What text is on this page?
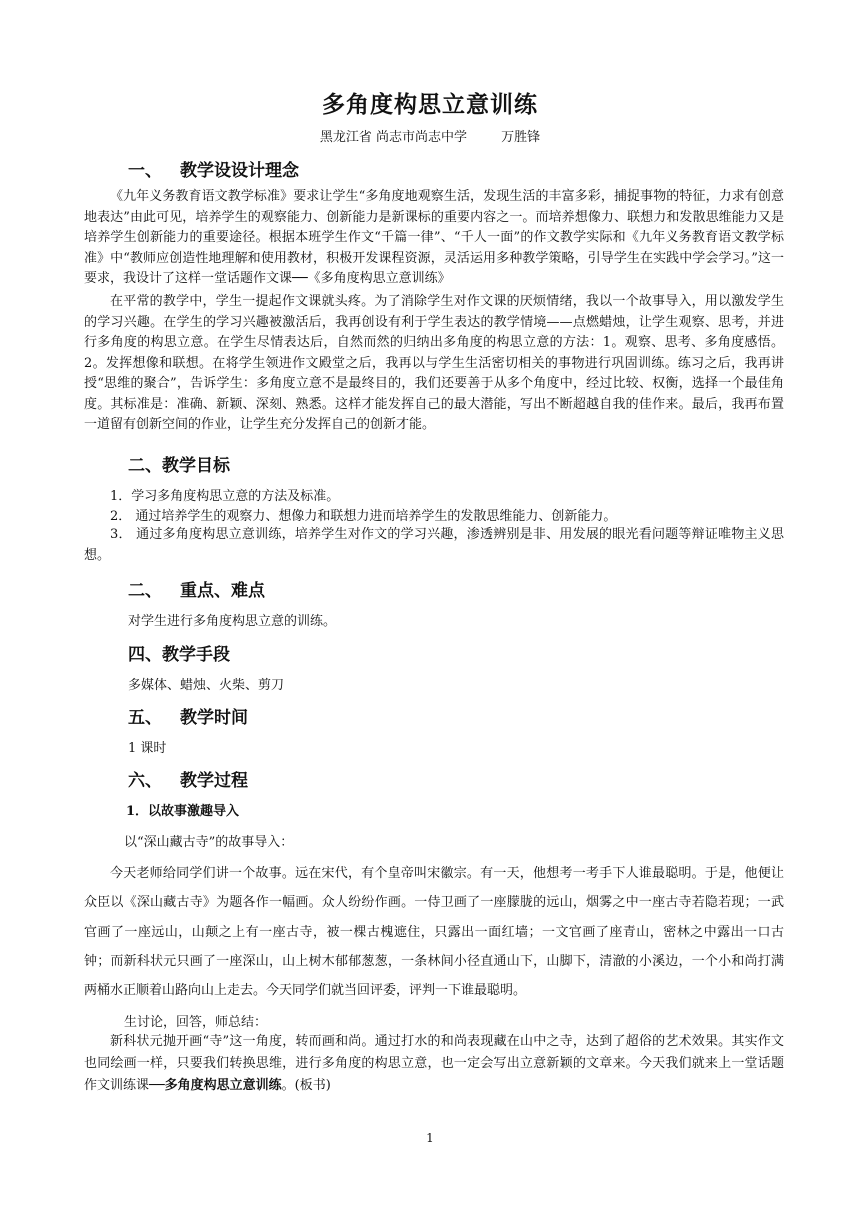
多角度构思立意训练
黑龙江省 尚志市尚志中学	万胜锋
一、 教学设设计理念
《九年义务教育语文教学标准》要求让学生“多角度地观察生活，发现生活的丰富多彩，捕捉事物的特征，力求有创意地表达”由此可见，培养学生的观察能力、创新能力是新课标的重要内容之一。而培养想像力、联想力和发散思维能力又是培养学生创新能力的重要途径。根据本班学生作文“千篇一律”、“千人一面”的作文教学实际和《九年义务教育语文教学标准》中“教师应创造性地理解和使用教材，积极开发课程资源，灵活运用多种教学策略，引导学生在实践中学会学习。”这一要求，我设计了这样一堂话题作文课──《多角度构思立意训练》
在平常的教学中，学生一提起作文课就头疼。为了消除学生对作文课的厌烦情绪，我以一个故事导入，用以激发学生的学习兴趣。在学生的学习兴趣被激活后，我再创设有利于学生表达的教学情境——点燃蜡烛，让学生观察、思考，并进行多角度的构思立意。在学生尽情表达后，自然而然的归纳出多角度的构思立意的方法：1。观察、思考、多角度感悟。2。发挥想像和联想。在将学生领进作文殿堂之后，我再以与学生生活密切相关的事物进行巩固训练。练习之后，我再讲授“思维的聚合”，告诉学生：多角度立意不是最终目的，我们还要善于从多个角度中，经过比较、权衡，选择一个最佳角度。其标准是：准确、新颖、深刻、熟悉。这样才能发挥自己的最大潜能，写出不断超越自我的佳作来。最后，我再布置一道留有创新空间的作业，让学生充分发挥自己的创新才能。
二、教学目标
1．学习多角度构思立意的方法及标准。
2． 通过培养学生的观察力、想像力和联想力进而培养学生的发散思维能力、创新能力。
3． 通过多角度构思立意训练，培养学生对作文的学习兴趣，渗透辨别是非、用发展的眼光看问题等辩证唯物主义思想。
二、 重点、难点
对学生进行多角度构思立意的训练。
四、教学手段
多媒体、蜡烛、火柴、剪刀
五、 教学时间
1 课时
六、 教学过程
1．以故事激趣导入
以“深山藏古寺”的故事导入：
今天老师给同学们讲一个故事。远在宋代，有个皇帝叫宋徽宗。有一天，他想考一考手下人谁最聪明。于是，他便让众臣以《深山藏古寺》为题各作一幅画。众人纷纷作画。一侍卫画了一座朦胧的远山，烟雾之中一座古寺若隐若现；一武官画了一座远山，山颠之上有一座古寺，被一棵古槐遮住，只露出一面红墙；一文官画了座青山，密林之中露出一口古钟；而新科状元只画了一座深山，山上树木郁郁葱葱，一条林间小径直通山下，山脚下，清澈的小溪边，一个小和尚打满两桶水正顺着山路向山上走去。今天同学们就当回评委，评判一下谁最聪明。
生讨论，回答，师总结：
新科状元抛开画“寺”这一角度，转而画和尚。通过打水的和尚表现藏在山中之寺，达到了超俗的艺术效果。其实作文也同绘画一样，只要我们转换思维，进行多角度的构思立意，也一定会写出立意新颖的文章来。今天我们就来上一堂话题作文训练课──多角度构思立意训练。(板书)
1
